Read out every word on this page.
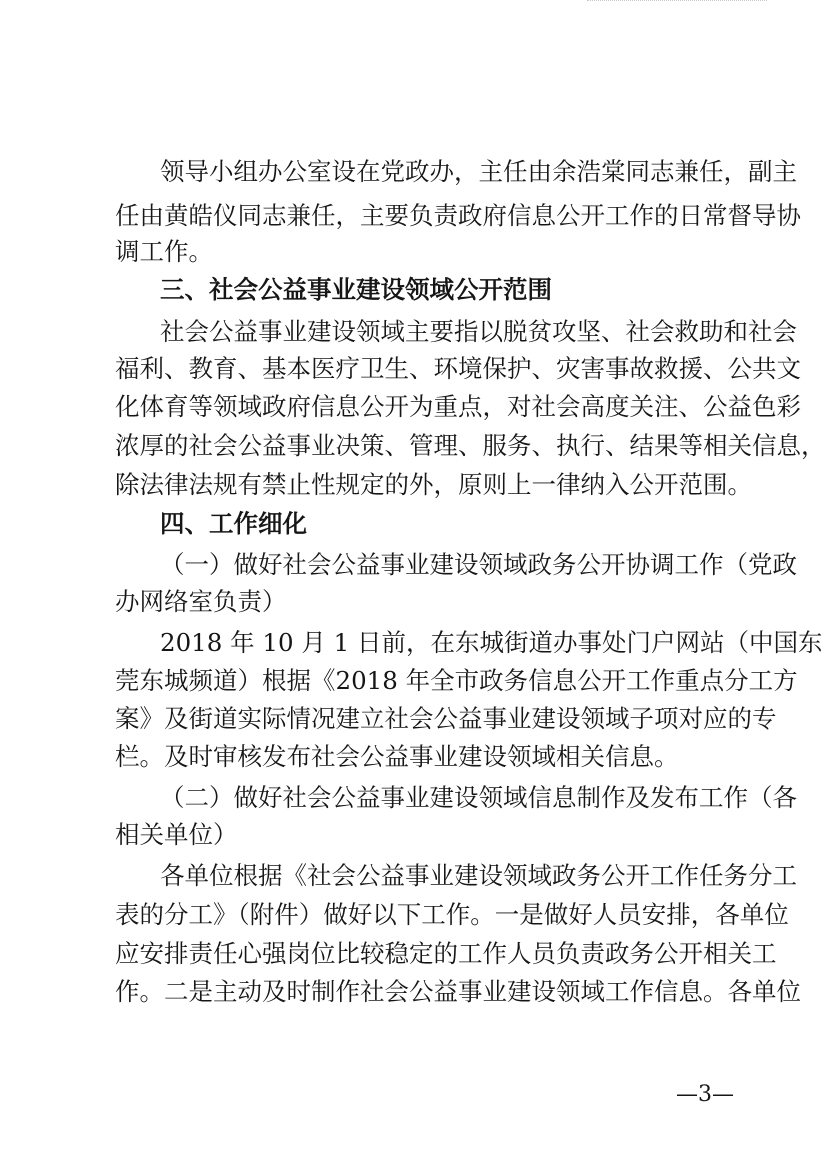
领导小组办公室设在党政办，主任由余浩棠同志兼任，副主
任由黄皓仪同志兼任，主要负责政府信息公开工作的日常督导协
调工作。
三、社会公益事业建设领域公开范围
社会公益事业建设领域主要指以脱贫攻坚、社会救助和社会
福利、教育、基本医疗卫生、环境保护、灾害事故救援、公共文
化体育等领域政府信息公开为重点，对社会高度关注、公益色彩
浓厚的社会公益事业决策、管理、服务、执行、结果等相关信息，
除法律法规有禁止性规定的外，原则上一律纳入公开范围。
四、工作细化
（一）做好社会公益事业建设领域政务公开协调工作（党政
办网络室负责）
2018 年 10 月 1 日前，在东城街道办事处门户网站（中国东
莞东城频道）根据《2018 年全市政务信息公开工作重点分工方
案》及街道实际情况建立社会公益事业建设领域子项对应的专
栏。及时审核发布社会公益事业建设领域相关信息。
（二）做好社会公益事业建设领域信息制作及发布工作（各
相关单位）
各单位根据《社会公益事业建设领域政务公开工作任务分工
表的分工》（附件）做好以下工作。一是做好人员安排，各单位
应安排责任心强岗位比较稳定的工作人员负责政务公开相关工
作。二是主动及时制作社会公益事业建设领域工作信息。各单位
—3—
